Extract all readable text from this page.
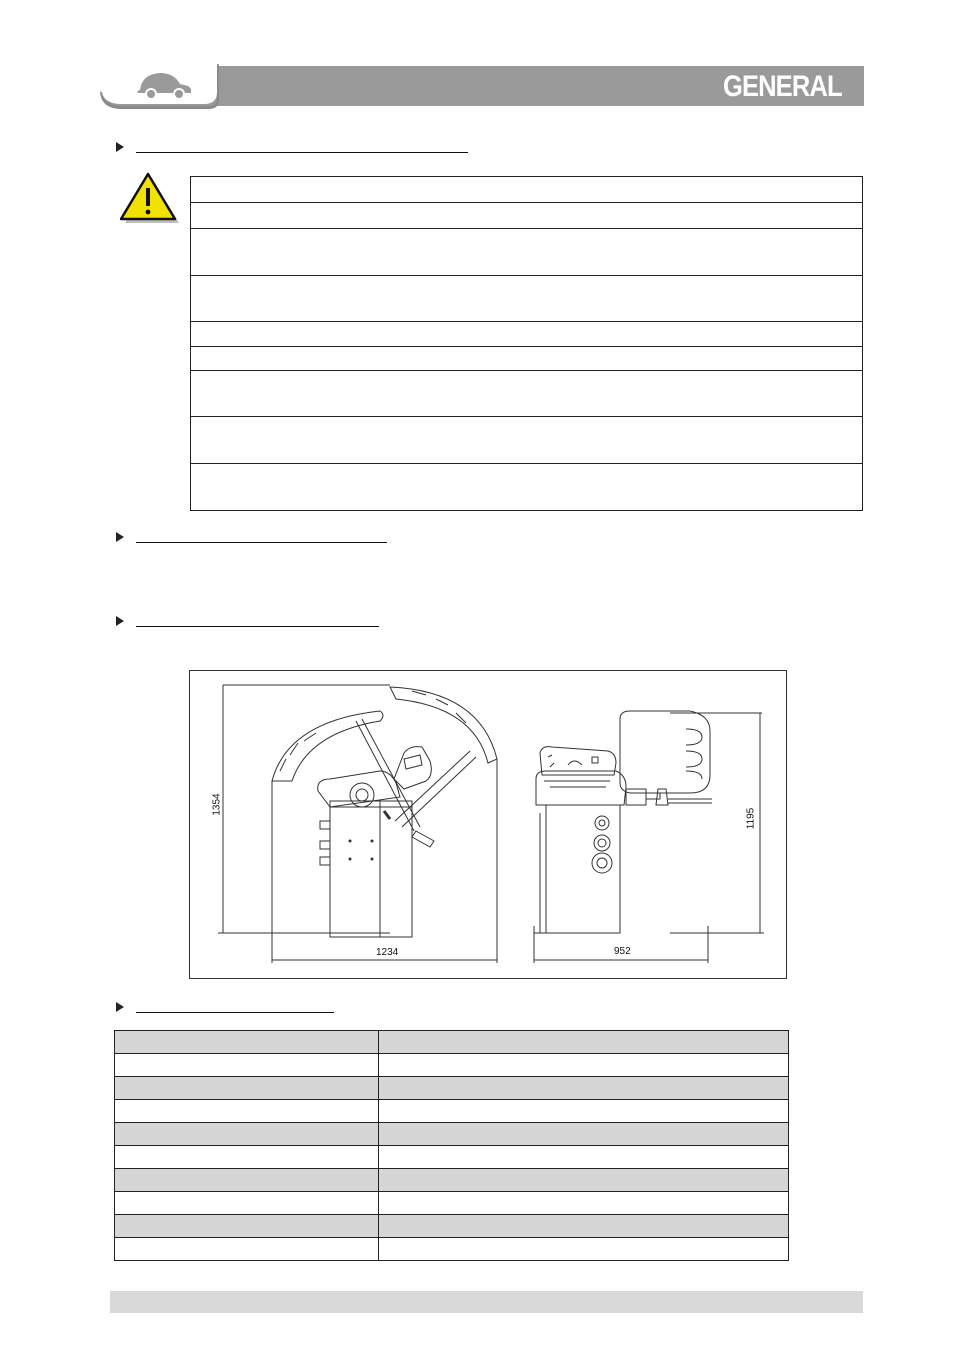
GENERAL

1354
1234	952
1195
